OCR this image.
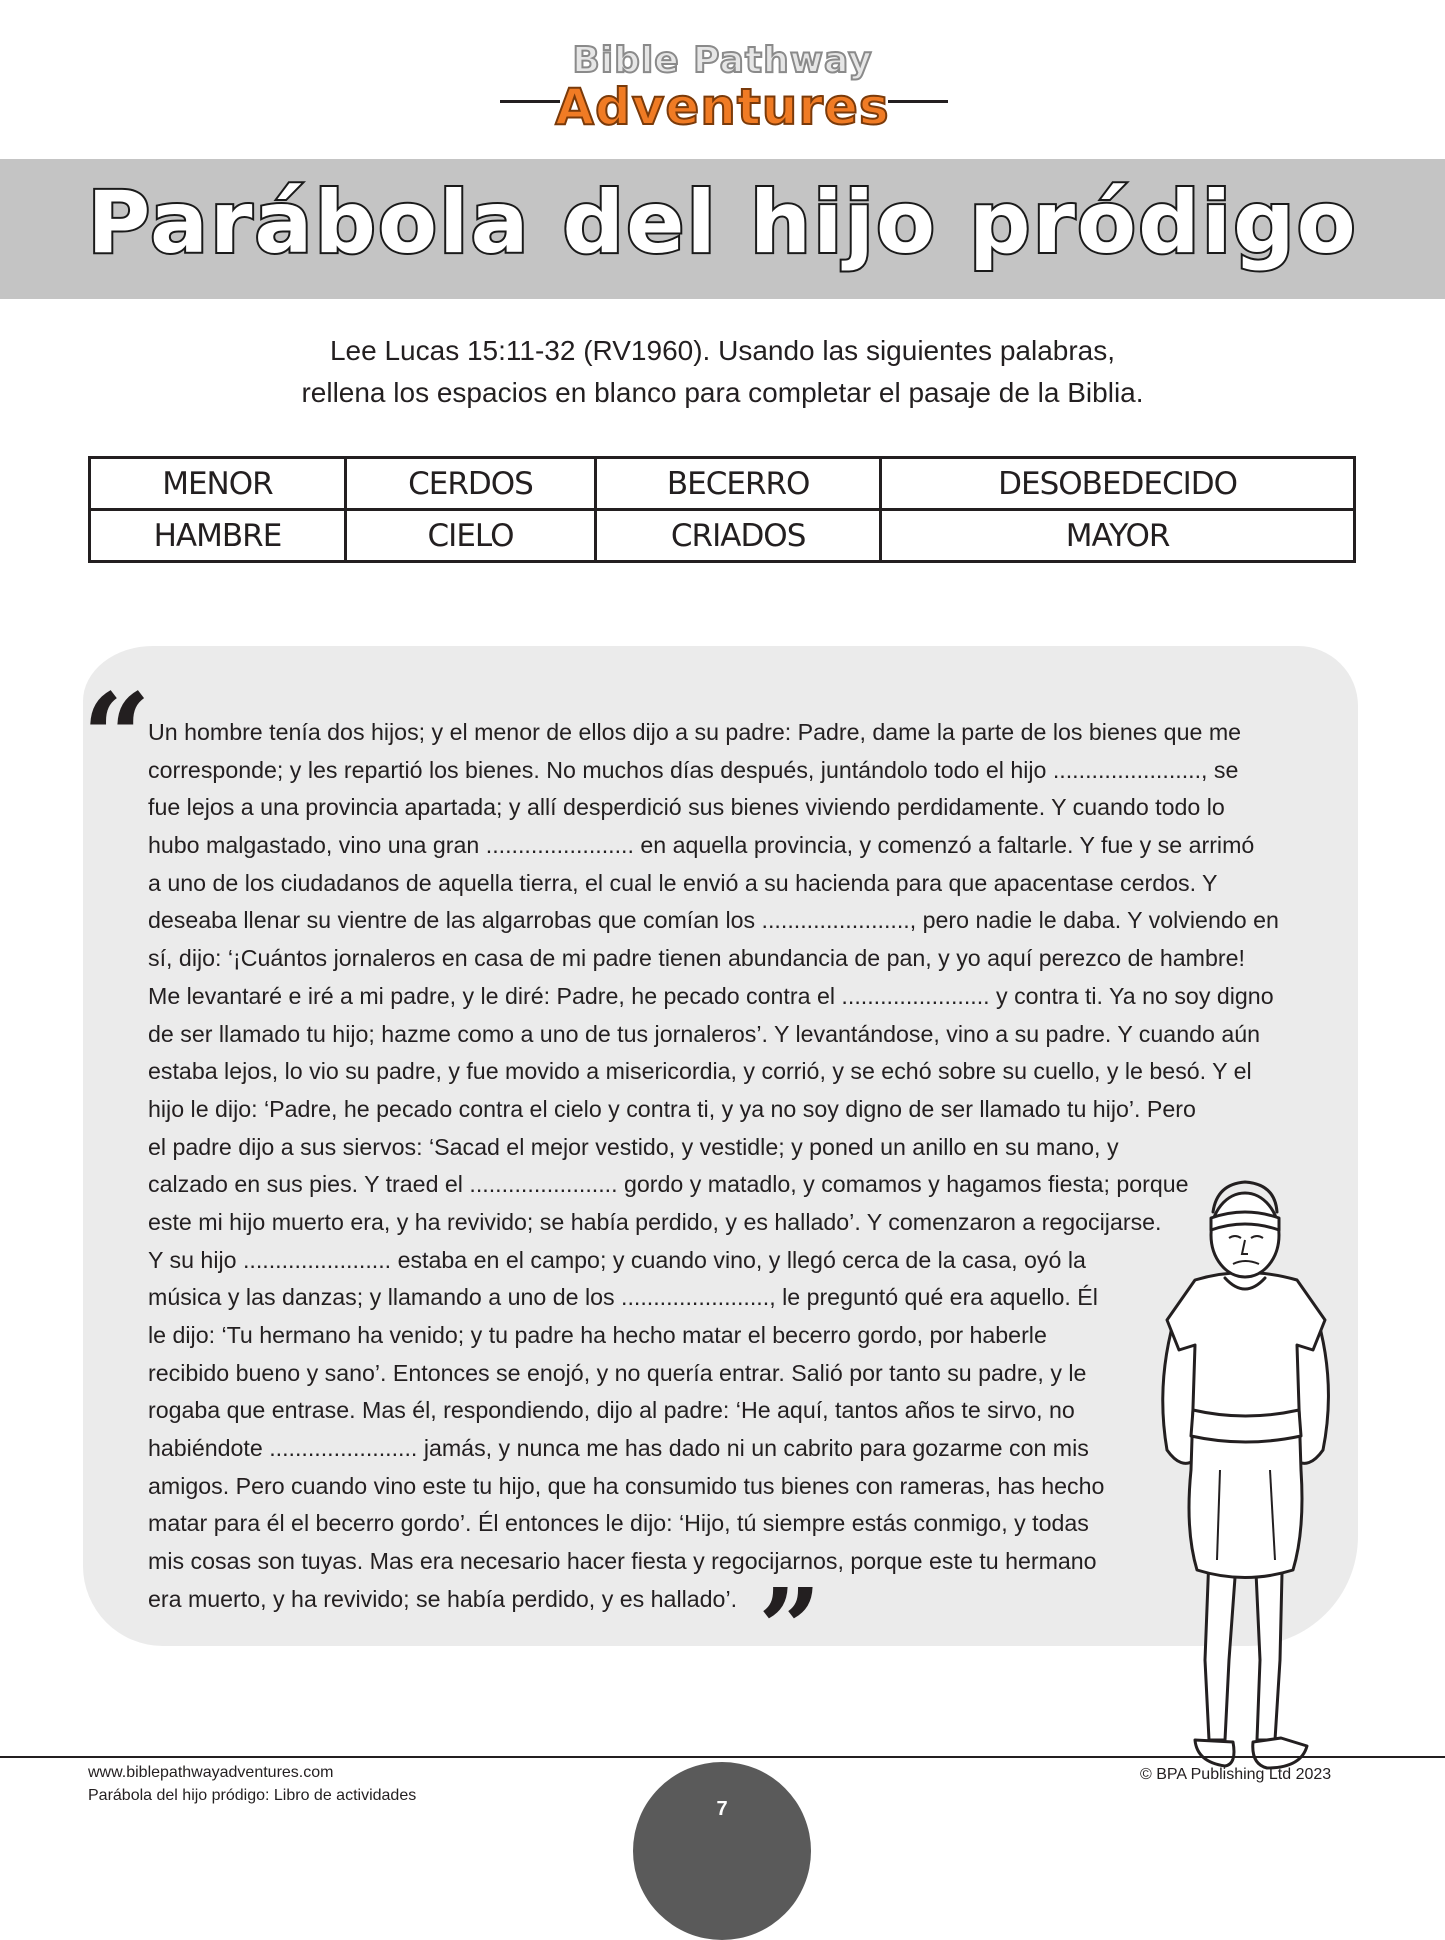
Bible Pathway
Adventures
Parábola del hijo pródigo
Lee Lucas 15:11-32 (RV1960). Usando las siguientes palabras,
rellena los espacios en blanco para completar el pasaje de la Biblia.
MENOR	CERDOS	BECERRO	DESOBEDECIDO
HAMBRE	CIELO	CRIADOS	MAYOR
“
Un hombre tenía dos hijos; y el menor de ellos dijo a su padre: Padre, dame la parte de los bienes que me
corresponde; y les repartió los bienes. No muchos días después, juntándolo todo el hijo ......................., se
fue lejos a una provincia apartada; y allí desperdició sus bienes viviendo perdidamente. Y cuando todo lo
hubo malgastado, vino una gran ....................... en aquella provincia, y comenzó a faltarle. Y fue y se arrimó
a uno de los ciudadanos de aquella tierra, el cual le envió a su hacienda para que apacentase cerdos. Y
deseaba llenar su vientre de las algarrobas que comían los ......................., pero nadie le daba. Y volviendo en
sí, dijo: ‘¡Cuántos jornaleros en casa de mi padre tienen abundancia de pan, y yo aquí perezco de hambre!
Me levantaré e iré a mi padre, y le diré: Padre, he pecado contra el ....................... y contra ti. Ya no soy digno
de ser llamado tu hijo; hazme como a uno de tus jornaleros’. Y levantándose, vino a su padre. Y cuando aún
estaba lejos, lo vio su padre, y fue movido a misericordia, y corrió, y se echó sobre su cuello, y le besó. Y el
hijo le dijo: ‘Padre, he pecado contra el cielo y contra ti, y ya no soy digno de ser llamado tu hijo’. Pero
el padre dijo a sus siervos: ‘Sacad el mejor vestido, y vestidle; y poned un anillo en su mano, y
calzado en sus pies. Y traed el ....................... gordo y matadlo, y comamos y hagamos fiesta; porque
este mi hijo muerto era, y ha revivido; se había perdido, y es hallado’. Y comenzaron a regocijarse.
Y su hijo ....................... estaba en el campo; y cuando vino, y llegó cerca de la casa, oyó la
música y las danzas; y llamando a uno de los ......................., le preguntó qué era aquello. Él
le dijo: ‘Tu hermano ha venido; y tu padre ha hecho matar el becerro gordo, por haberle
recibido bueno y sano’. Entonces se enojó, y no quería entrar. Salió por tanto su padre, y le
rogaba que entrase. Mas él, respondiendo, dijo al padre: ‘He aquí, tantos años te sirvo, no
habiéndote ....................... jamás, y nunca me has dado ni un cabrito para gozarme con mis
amigos. Pero cuando vino este tu hijo, que ha consumido tus bienes con rameras, has hecho
matar para él el becerro gordo’. Él entonces le dijo: ‘Hijo, tú siempre estás conmigo, y todas
mis cosas son tuyas. Mas era necesario hacer fiesta y regocijarnos, porque este tu hermano
era muerto, y ha revivido; se había perdido, y es hallado’. ”
www.biblepathwayadventures.com
Parábola del hijo pródigo: Libro de actividades
© BPA Publishing Ltd 2023
7
